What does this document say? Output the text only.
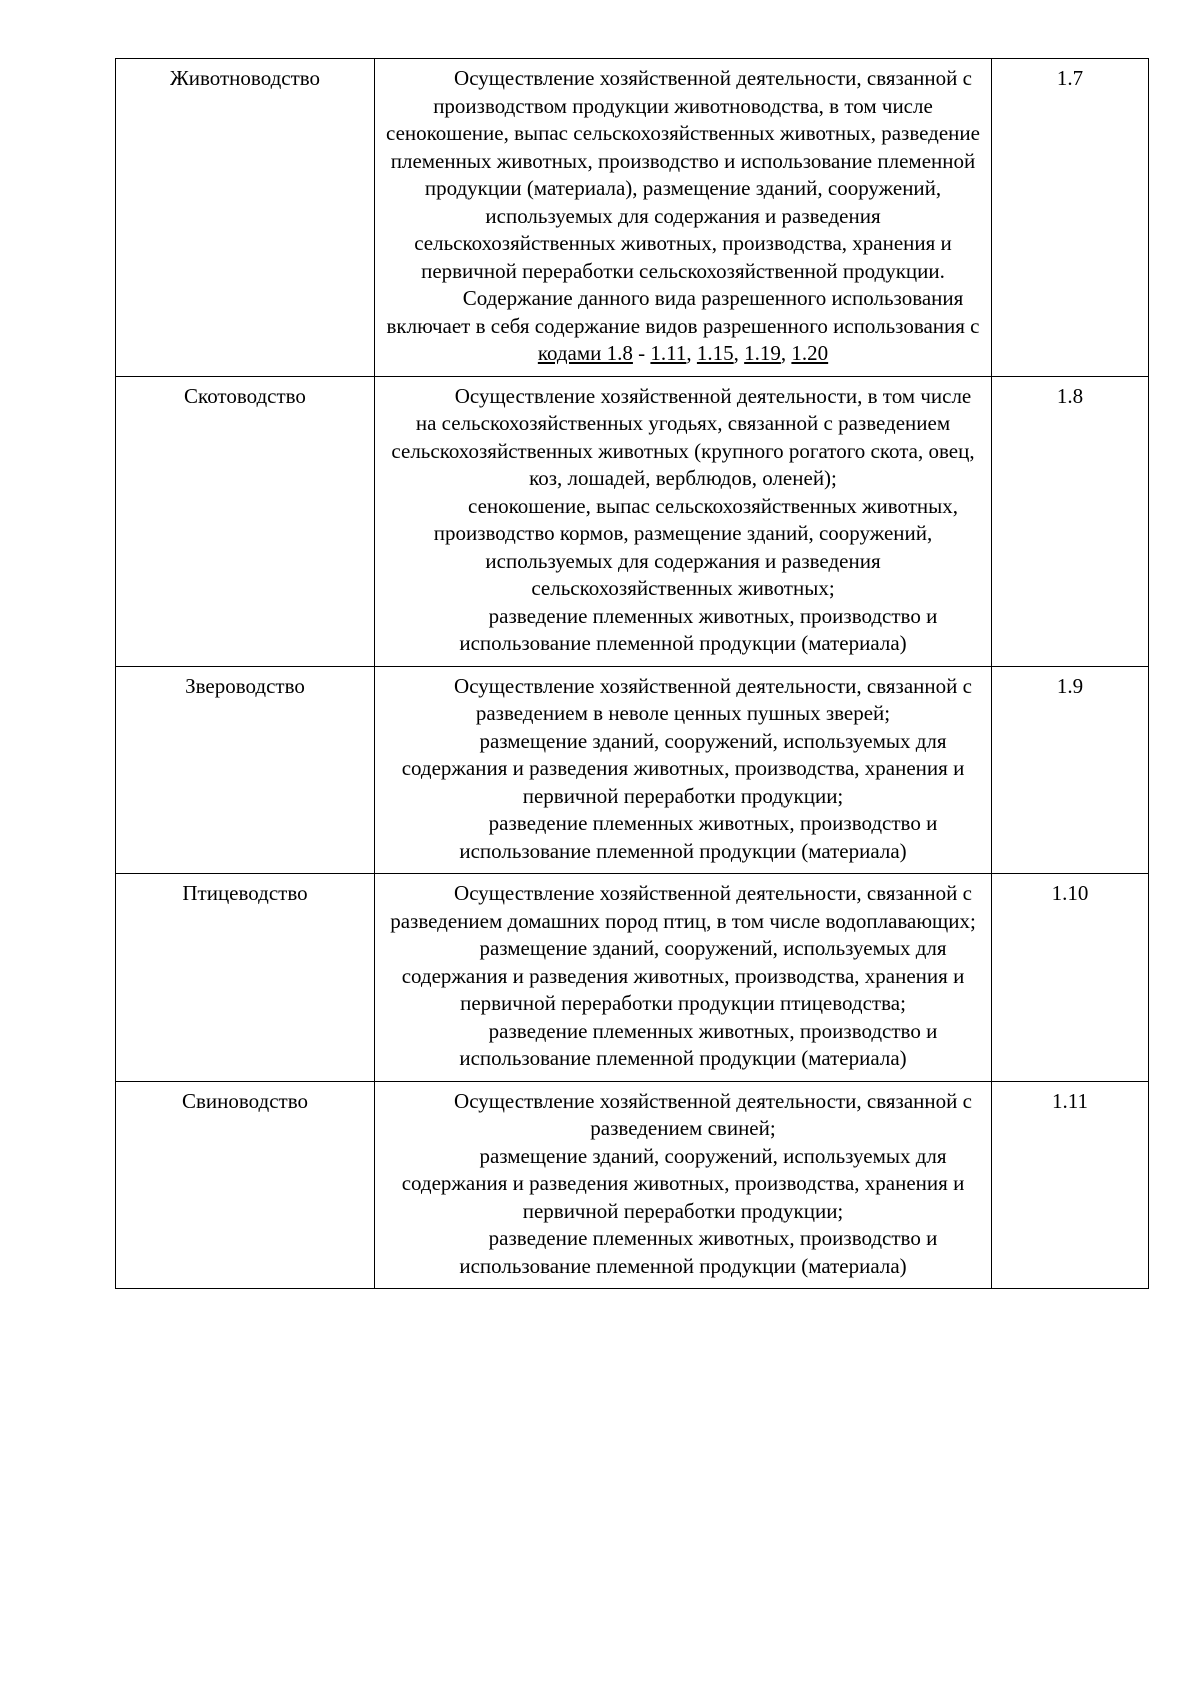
Животноводство	Осуществление хозяйственной деятельности, связанной с производством продукции животноводства, в том числе сенокошение, выпас сельскохозяйственных животных, разведение племенных животных, производство и использование племенной продукции (материала), размещение зданий, сооружений, используемых для содержания и разведения сельскохозяйственных животных, производства, хранения и первичной переработки сельскохозяйственной продукции.
Содержание данного вида разрешенного использования включает в себя содержание видов разрешенного использования с кодами 1.8 - 1.11, 1.15, 1.19, 1.20	1.7
Скотоводство	Осуществление хозяйственной деятельности, в том числе на сельскохозяйственных угодьях, связанной с разведением сельскохозяйственных животных (крупного рогатого скота, овец, коз, лошадей, верблюдов, оленей);
сенокошение, выпас сельскохозяйственных животных, производство кормов, размещение зданий, сооружений, используемых для содержания и разведения сельскохозяйственных животных;
разведение племенных животных, производство и использование племенной продукции (материала)	1.8
Звероводство	Осуществление хозяйственной деятельности, связанной с разведением в неволе ценных пушных зверей;
размещение зданий, сооружений, используемых для содержания и разведения животных, производства, хранения и первичной переработки продукции;
разведение племенных животных, производство и использование племенной продукции (материала)	1.9
Птицеводство	Осуществление хозяйственной деятельности, связанной с разведением домашних пород птиц, в том числе водоплавающих;
размещение зданий, сооружений, используемых для содержания и разведения животных, производства, хранения и первичной переработки продукции птицеводства;
разведение племенных животных, производство и использование племенной продукции (материала)	1.10
Свиноводство	Осуществление хозяйственной деятельности, связанной с разведением свиней;
размещение зданий, сооружений, используемых для содержания и разведения животных, производства, хранения и первичной переработки продукции;
разведение племенных животных, производство и использование племенной продукции (материала)	1.11
